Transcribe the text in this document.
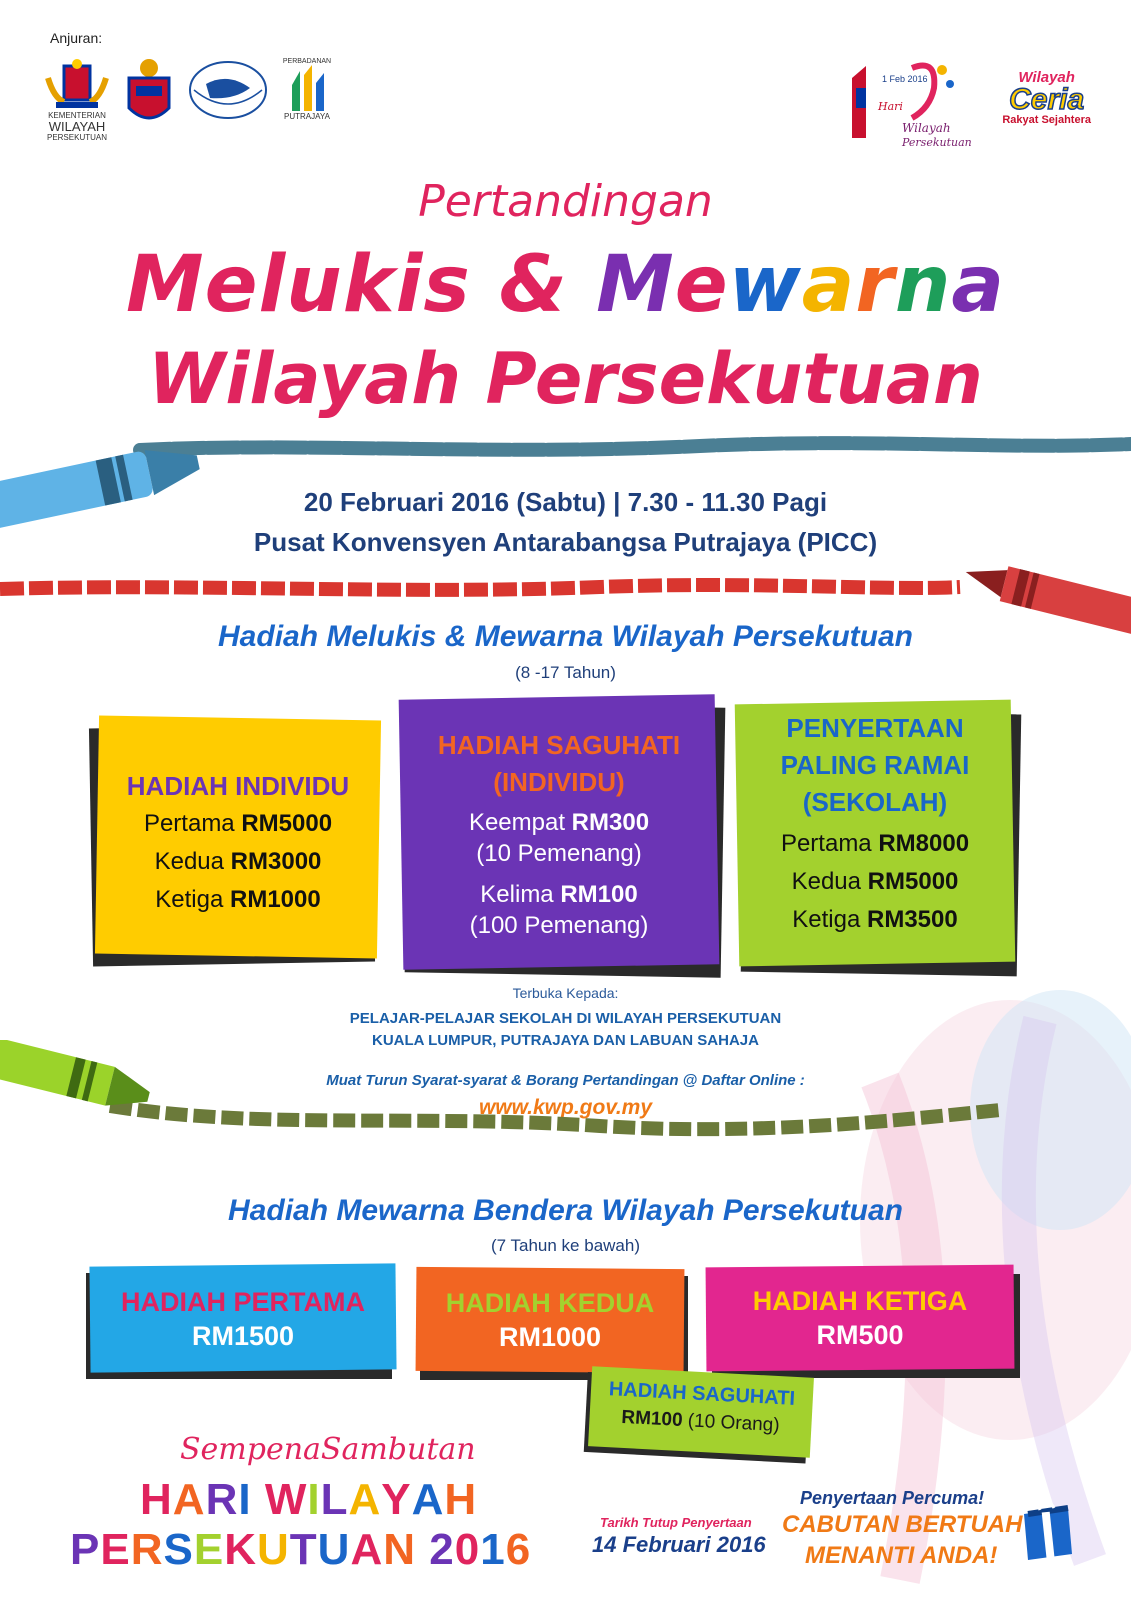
Anjuran:
KEMENTERIAN
WILAYAH
PERSEKUTUAN
PERBADANAN
PUTRAJAYA
1 Feb 2016
Hari
Wilayah
Persekutuan
Wilayah
Ceria
Rakyat Sejahtera
Pertandingan
Melukis & Mewarna
Wilayah Persekutuan
20 Februari 2016 (Sabtu) | 7.30 - 11.30 Pagi
Pusat Konvensyen Antarabangsa Putrajaya (PICC)
Hadiah Melukis & Mewarna Wilayah Persekutuan
(8 -17 Tahun)
HADIAH INDIVIDU
Pertama RM5000
Kedua RM3000
Ketiga RM1000
HADIAH SAGUHATI
(INDIVIDU)
Keempat RM300
(10 Pemenang)
Kelima RM100
(100 Pemenang)
PENYERTAAN
PALING RAMAI
(SEKOLAH)
Pertama RM8000
Kedua RM5000
Ketiga RM3500
Terbuka Kepada:
PELAJAR-PELAJAR SEKOLAH DI WILAYAH PERSEKUTUAN
KUALA LUMPUR, PUTRAJAYA DAN LABUAN SAHAJA
Muat Turun Syarat-syarat & Borang Pertandingan @ Daftar Online :
www.kwp.gov.my
Hadiah Mewarna Bendera Wilayah Persekutuan
(7 Tahun ke bawah)
HADIAH PERTAMA
RM1500
HADIAH KEDUA
RM1000
HADIAH KETIGA
RM500
HADIAH SAGUHATI
RM100 (10 Orang)
SempenaSambutan
HARI WILAYAH
PERSEKUTUAN 2016
Tarikh Tutup Penyertaan
14 Februari 2016
Penyertaan Percuma!
CABUTAN BERTUAH
MENANTI ANDA!
